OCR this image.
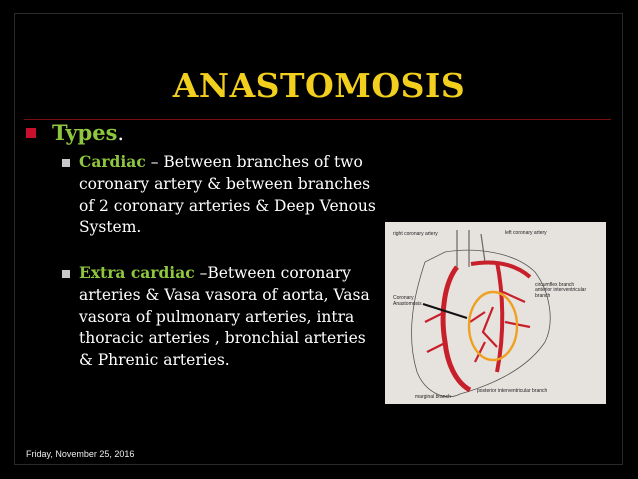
ANASTOMOSIS
Types.
Cardiac – Between branches of two coronary artery & between branches of 2 coronary arteries & Deep Venous System.
Extra cardiac –Between coronary arteries & Vasa vasora of aorta, Vasa vasora of pulmonary arteries, intra thoracic arteries , bronchial arteries & Phrenic arteries.
right coronary artery	left coronary artery
circumflex branch
anterior interventricular
branch
Coronary
Anastomosis
marginal branch
posterior interventricular branch
Friday, November 25, 2016
